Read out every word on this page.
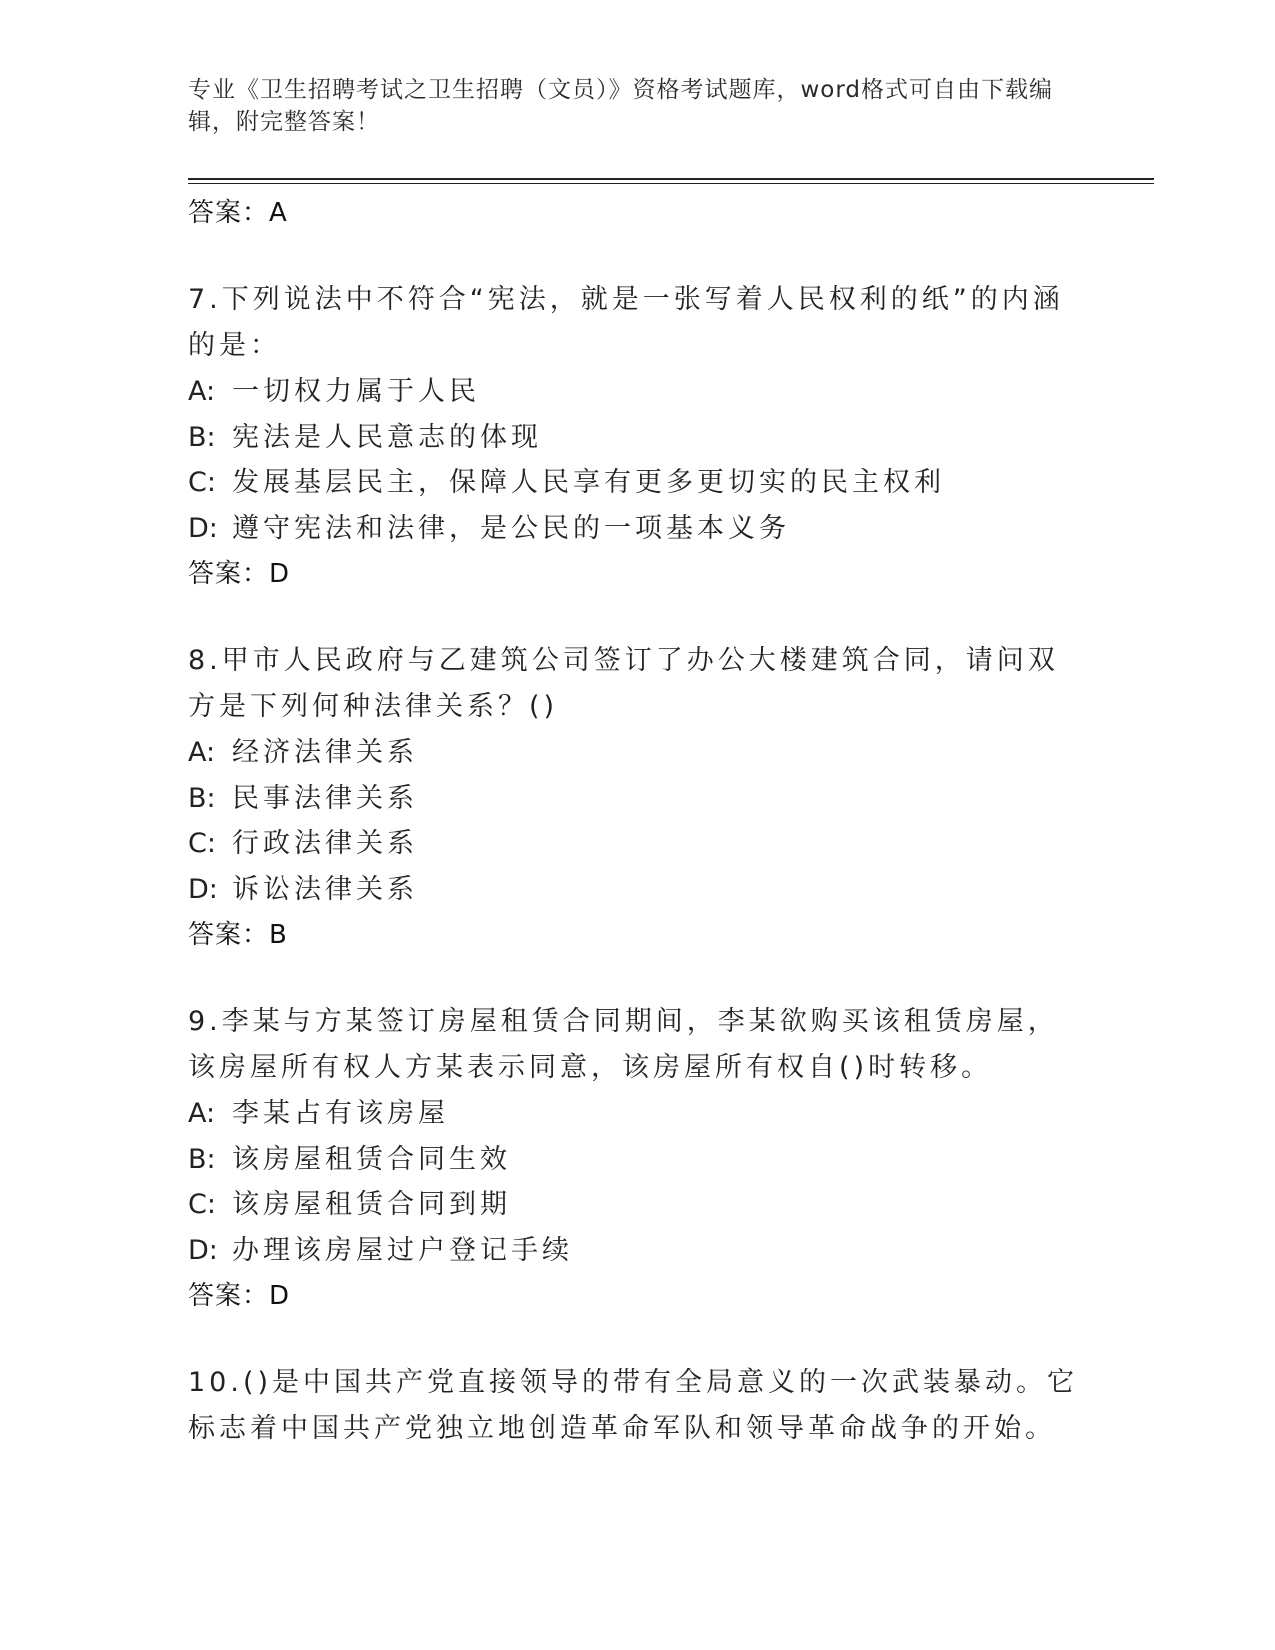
专业《卫生招聘考试之卫生招聘（文员）》资格考试题库，word格式可自由下载编辑，附完整答案！
答案：A
7.下列说法中不符合“宪法，就是一张写着人民权利的纸”的内涵的是：
A: 一切权力属于人民
B: 宪法是人民意志的体现
C: 发展基层民主，保障人民享有更多更切实的民主权利
D: 遵守宪法和法律，是公民的一项基本义务
答案：D
8.甲市人民政府与乙建筑公司签订了办公大楼建筑合同，请问双方是下列何种法律关系？()
A: 经济法律关系
B: 民事法律关系
C: 行政法律关系
D: 诉讼法律关系
答案：B
9.李某与方某签订房屋租赁合同期间，李某欲购买该租赁房屋，该房屋所有权人方某表示同意，该房屋所有权自()时转移。
A: 李某占有该房屋
B: 该房屋租赁合同生效
C: 该房屋租赁合同到期
D: 办理该房屋过户登记手续
答案：D
10.()是中国共产党直接领导的带有全局意义的一次武装暴动。它标志着中国共产党独立地创造革命军队和领导革命战争的开始。
